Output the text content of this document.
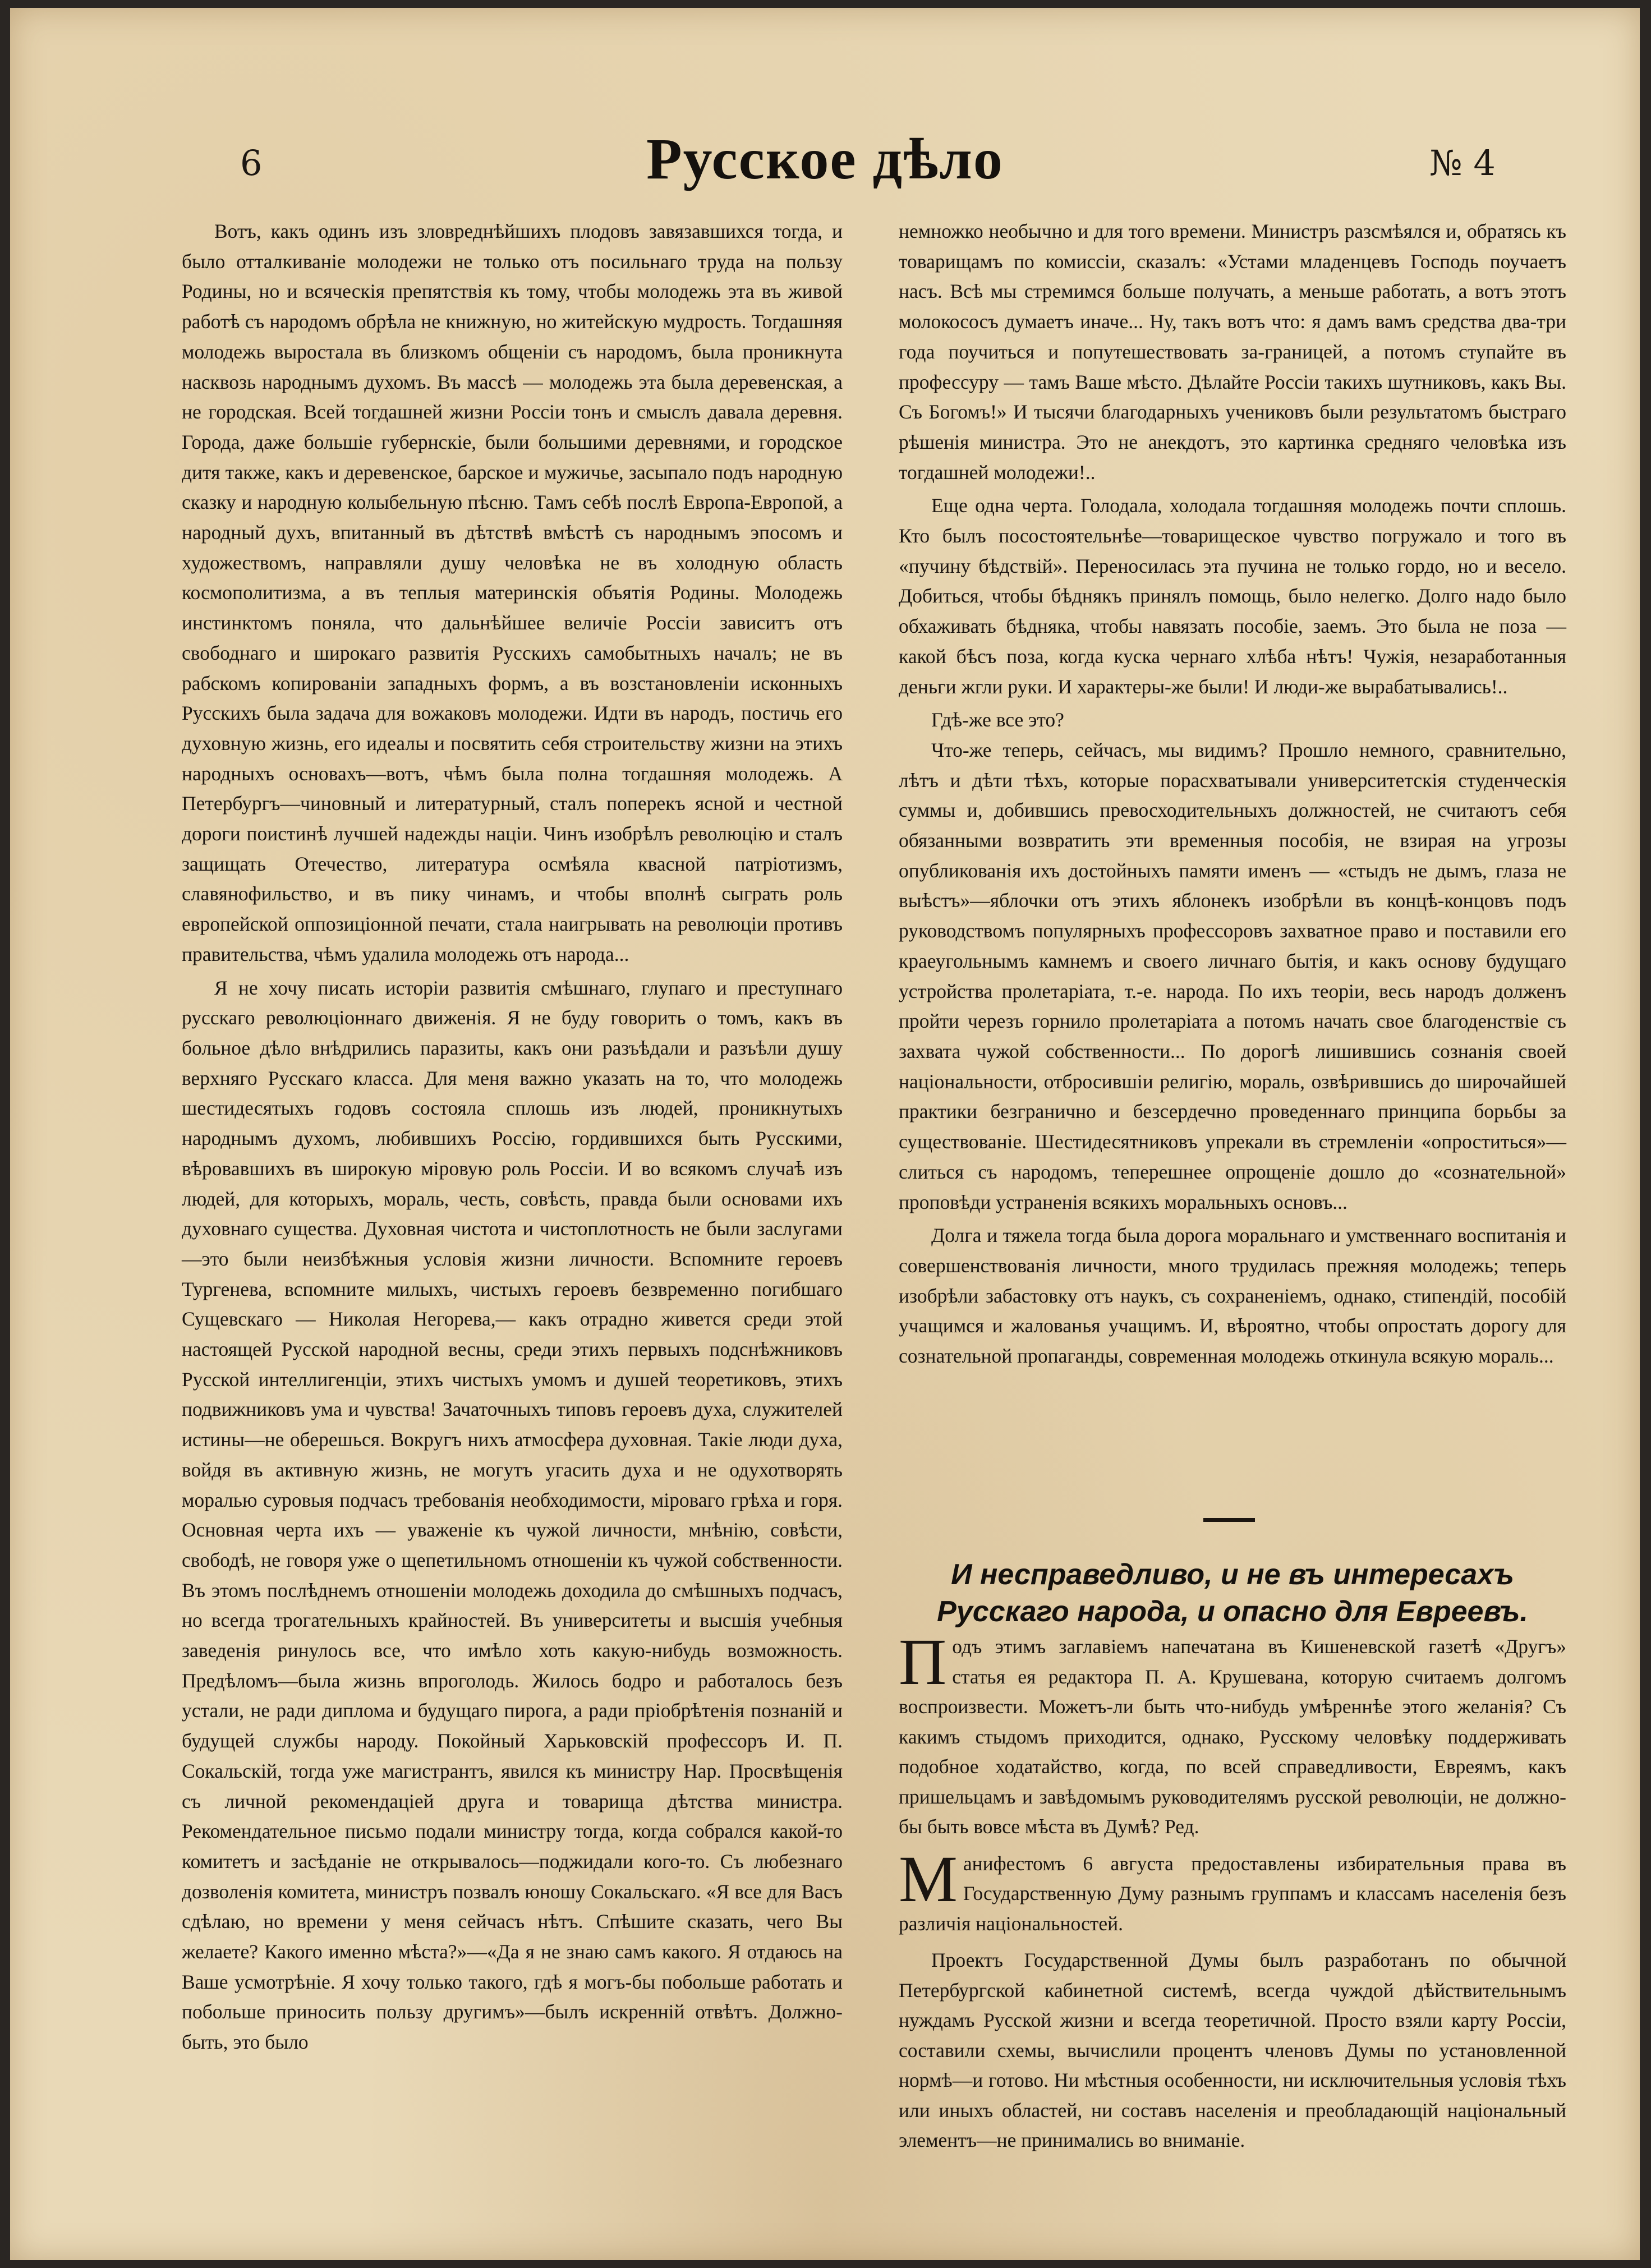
6	Русское дѣло	№ 4

Вотъ, какъ одинъ изъ зловреднѣйшихъ плодовъ завязавшихся тогда, и было отталкиваніе молодежи не только отъ посильнаго труда на пользу Родины, но и всяческія препятствія къ тому, чтобы молодежь эта въ живой работѣ съ народомъ обрѣла не книжную, но житейскую мудрость. Тогдашняя молодежь выростала въ близкомъ общеніи съ народомъ, была проникнута насквозь народнымъ духомъ. Въ массѣ — молодежь эта была деревенская, а не городская. Всей тогдашней жизни Россіи тонъ и смыслъ давала деревня. Города, даже большіе губернскіе, были большими деревнями, и городское дитя также, какъ и деревенское, барское и мужичье, засыпало подъ народную сказку и народную колыбельную пѣсню. Тамъ себѣ послѣ Европа-Европой, а народный духъ, впитанный въ дѣтствѣ вмѣстѣ съ народнымъ эпосомъ и художествомъ, направляли душу человѣка не въ холодную область космополитизма, а въ теплыя материнскія объятія Родины. Молодежь инстинктомъ поняла, что дальнѣйшее величіе Россіи зависитъ отъ свободнаго и широкаго развитія Русскихъ самобытныхъ началъ; не въ рабскомъ копированіи западныхъ формъ, а въ возстановленіи исконныхъ Русскихъ была задача для вожаковъ молодежи. Идти въ народъ, постичь его духовную жизнь, его идеалы и посвятить себя строительству жизни на этихъ народныхъ основахъ—вотъ, чѣмъ была полна тогдашняя молодежь. А Петербургъ—чиновный и литературный, сталъ поперекъ ясной и честной дороги поистинѣ лучшей надежды націи. Чинъ изобрѣлъ революцію и сталъ защищать Отечество, литература осмѣяла квасной патріотизмъ, славянофильство, и въ пику чинамъ, и чтобы вполнѣ сыграть роль европейской оппозиціонной печати, стала наигрывать на революціи противъ правительства, чѣмъ удалила молодежь отъ народа...

Я не хочу писать исторіи развитія смѣшнаго, глупаго и преступнаго русскаго революціоннаго движенія. Я не буду говорить о томъ, какъ въ больное дѣло внѣдрились паразиты, какъ они разъѣдали и разъѣли душу верхняго Русскаго класса. Для меня важно указать на то, что молодежь шестидесятыхъ годовъ состояла сплошь изъ людей, проникнутыхъ народнымъ духомъ, любившихъ Россію, гордившихся быть Русскими, вѣровавшихъ въ широкую міровую роль Россіи. И во всякомъ случаѣ изъ людей, для которыхъ, мораль, честь, совѣсть, правда были основами ихъ духовнаго существа. Духовная чистота и чистоплотность не были заслугами—это были неизбѣжныя условія жизни личности. Вспомните героевъ Тургенева, вспомните милыхъ, чистыхъ героевъ безвременно погибшаго Сущевскаго — Николая Негорева,— какъ отрадно живется среди этой настоящей Русской народной весны, среди этихъ первыхъ подснѣжниковъ Русской интеллигенціи, этихъ чистыхъ умомъ и душей теоретиковъ, этихъ подвижниковъ ума и чувства! Зачаточныхъ типовъ героевъ духа, служителей истины—не оберешься. Вокругъ нихъ атмосфера духовная. Такіе люди духа, войдя въ активную жизнь, не могутъ угасить духа и не одухотворять моралью суровыя подчасъ требованія необходимости, міроваго грѣха и горя. Основная черта ихъ — уваженіе къ чужой личности, мнѣнію, совѣсти, свободѣ, не говоря уже о щепетильномъ отношеніи къ чужой собственности. Въ этомъ послѣднемъ отношеніи молодежь доходила до смѣшныхъ подчасъ, но всегда трогательныхъ крайностей. Въ университеты и высшія учебныя заведенія ринулось все, что имѣло хоть какую-нибудь возможность. Предѣломъ—была жизнь впроголодь. Жилось бодро и работалось безъ устали, не ради диплома и будущаго пирога, а ради пріобрѣтенія познаній и будущей службы народу. Покойный Харьковскій профессоръ И. П. Сокальскій, тогда уже магистрантъ, явился къ министру Нар. Просвѣщенія съ личной рекомендаціей друга и товарища дѣтства министра. Рекомендательное письмо подали министру тогда, когда собрался какой-то комитетъ и засѣданіе не открывалось—поджидали кого-то. Съ любезнаго дозволенія комитета, министръ позвалъ юношу Сокальскаго. «Я все для Васъ сдѣлаю, но времени у меня сейчасъ нѣтъ. Спѣшите сказать, чего Вы желаете? Какого именно мѣста?»—«Да я не знаю самъ какого. Я отдаюсь на Ваше усмотрѣніе. Я хочу только такого, гдѣ я могъ-бы побольше работать и побольше приносить пользу другимъ»—былъ искренній отвѣтъ. Должно-быть, это было

немножко необычно и для того времени. Министръ разсмѣялся и, обратясь къ товарищамъ по комиссіи, сказалъ: «Устами младенцевъ Господь поучаетъ насъ. Всѣ мы стремимся больше получать, а меньше работать, а вотъ этотъ молокососъ думаетъ иначе... Ну, такъ вотъ что: я дамъ вамъ средства два-три года поучиться и попутешествовать за-границей, а потомъ ступайте въ профессуру — тамъ Ваше мѣсто. Дѣлайте Россіи такихъ шутниковъ, какъ Вы. Съ Богомъ!» И тысячи благодарныхъ учениковъ были результатомъ быстраго рѣшенія министра. Это не анекдотъ, это картинка средняго человѣка изъ тогдашней молодежи!..

Еще одна черта. Голодала, холодала тогдашняя молодежь почти сплошь. Кто былъ посостоятельнѣе—товарищеское чувство погружало и того въ «пучину бѣдствій». Переносилась эта пучина не только гордо, но и весело. Добиться, чтобы бѣднякъ принялъ помощь, было нелегко. Долго надо было обхаживать бѣдняка, чтобы навязать пособіе, заемъ. Это была не поза — какой бѣсъ поза, когда куска чернаго хлѣба нѣтъ! Чужія, незаработанныя деньги жгли руки. И характеры-же были! И люди-же вырабатывались!..

Гдѣ-же все это?

Что-же теперь, сейчасъ, мы видимъ? Прошло немного, сравнительно, лѣтъ и дѣти тѣхъ, которые порасхватывали университетскія студенческія суммы и, добившись превосходительныхъ должностей, не считаютъ себя обязанными возвратить эти временныя пособія, не взирая на угрозы опубликованія ихъ достойныхъ памяти именъ — «стыдъ не дымъ, глаза не выѣстъ»—яблочки отъ этихъ яблонекъ изобрѣли въ концѣ-концовъ подъ руководствомъ популярныхъ профессоровъ захватное право и поставили его краеугольнымъ камнемъ и своего личнаго бытія, и какъ основу будущаго устройства пролетаріата, т.-е. народа. По ихъ теоріи, весь народъ долженъ пройти черезъ горнило пролетаріата а потомъ начать свое благоденствіе съ захвата чужой собственности... По дорогѣ лишившись сознанія своей національности, отбросившіи религію, мораль, озвѣрившись до широчайшей практики безграничнo и безсердечно проведеннаго принципа борьбы за существованіе. Шестидесятниковъ упрекали въ стремленіи «опроститься»—слиться съ народомъ, теперешнее опрощеніе дошло до «сознательной» проповѣди устраненія всякихъ моральныхъ основъ...

Долга и тяжела тогда была дорога моральнаго и умственнаго воспитанія и совершенствованія личности, много трудилась прежняя молодежь; теперь изобрѣли забастовку отъ наукъ, съ сохраненіемъ, однако, стипендій, пособій учащимся и жалованья учащимъ. И, вѣроятно, чтобы опростать дорогу для сознательной пропаганды, современная молодежь откинула всякую мораль...

И несправедливо, и не въ интересахъ Русскаго народа, и опасно для Евреевъ.

Подъ этимъ заглавіемъ напечатана въ Кишеневской газетѣ «Другъ» статья ея редактора П. А. Крушевана, которую считаемъ долгомъ воспроизвести. Можетъ-ли быть что-нибудь умѣреннѣе этого желанія? Съ какимъ стыдомъ приходится, однако, Русскому человѣку поддерживать подобное ходатайство, когда, по всей справедливости, Евреямъ, какъ пришельцамъ и завѣдомымъ руководителямъ русской революціи, не должно-бы быть вовсе мѣста въ Думѣ? Ред.

Манифестомъ 6 августа предоставлены избирательныя права въ Государственную Думу разнымъ группамъ и классамъ населенія безъ различія національностей.

Проектъ Государственной Думы былъ разработанъ по обычной Петербургской кабинетной системѣ, всегда чуждой дѣйствительнымъ нуждамъ Русской жизни и всегда теоретичной. Просто взяли карту Россіи, составили схемы, вычислили процентъ членовъ Думы по установленной нормѣ—и готово. Ни мѣстныя особенности, ни исключительныя условія тѣхъ или иныхъ областей, ни составъ населенія и преобладающій національный элементъ—не принимались во вниманіе.
